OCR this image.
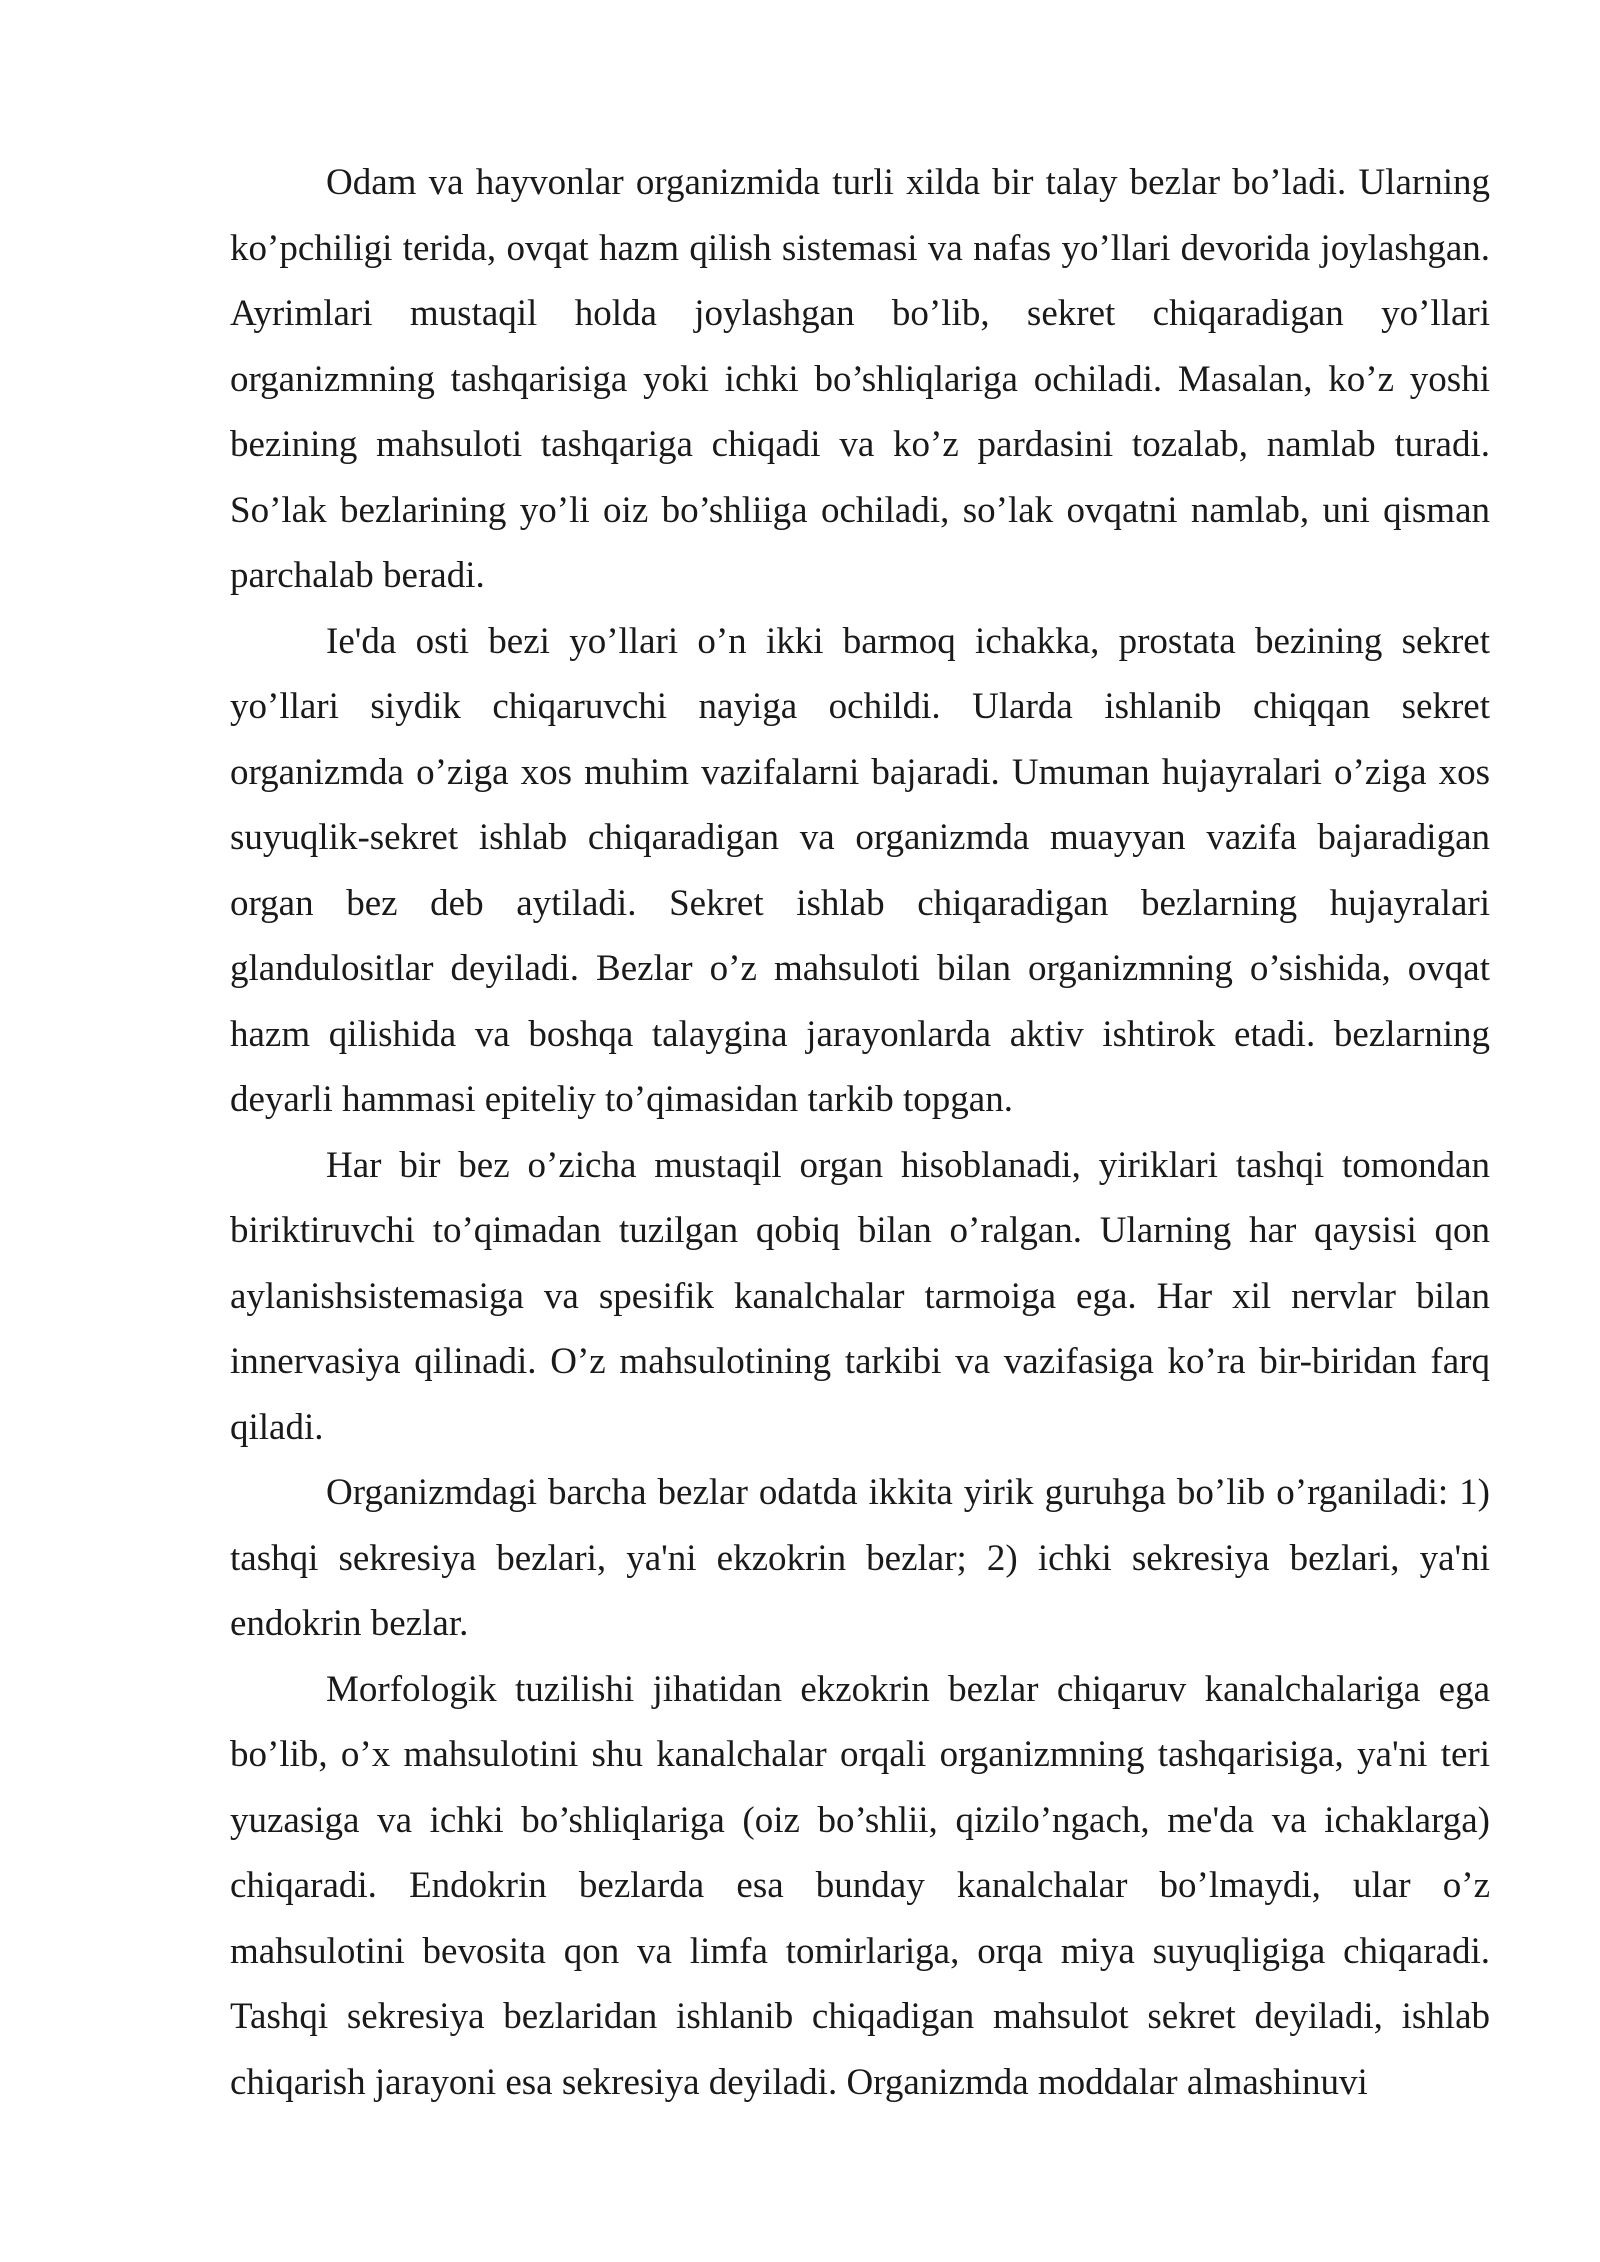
Odam va hayvonlar organizmida turli xilda bir talay bezlar bo’ladi. Ularning ko’pchiligi terida, ovqat hazm qilish sistemasi va nafas yo’llari devorida joylashgan. Ayrimlari mustaqil holda joylashgan bo’lib, sekret chiqaradigan yo’llari organizmning tashqarisiga yoki ichki bo’shliqlariga ochiladi. Masalan, ko’z yoshi bezining mahsuloti tashqariga chiqadi va ko’z pardasini tozalab, namlab turadi. So’lak bezlarining yo’li oiz bo’shliiga ochiladi, so’lak ovqatni namlab, uni qisman parchalab beradi.

Ie'da osti bezi yo’llari o’n ikki barmoq ichakka, prostata bezining sekret yo’llari siydik chiqaruvchi nayiga ochildi. Ularda ishlanib chiqqan sekret organizmda o’ziga xos muhim vazifalarni bajaradi. Umuman hujayralari o’ziga xos suyuqlik-sekret ishlab chiqaradigan va organizmda muayyan vazifa bajaradigan organ bez deb aytiladi. Sekret ishlab chiqaradigan bezlarning hujayralari glandulositlar deyiladi. Bezlar o’z mahsuloti bilan organizmning o’sishida, ovqat hazm qilishida va boshqa talaygina jarayonlarda aktiv ishtirok etadi. bezlarning deyarli hammasi epiteliy to’qimasidan tarkib topgan.

Har bir bez o’zicha mustaqil organ hisoblanadi, yiriklari tashqi tomondan biriktiruvchi to’qimadan tuzilgan qobiq bilan o’ralgan. Ularning har qaysisi qon aylanishsistemasiga va spesifik kanalchalar tarmoiga ega. Har xil nervlar bilan innervasiya qilinadi. O’z mahsulotining tarkibi va vazifasiga ko’ra bir-biridan farq qiladi.

Organizmdagi barcha bezlar odatda ikkita yirik guruhga bo’lib o’rganiladi: 1) tashqi sekresiya bezlari, ya'ni ekzokrin bezlar; 2) ichki sekresiya bezlari, ya'ni endokrin bezlar.

Morfologik tuzilishi jihatidan ekzokrin bezlar chiqaruv kanalchalariga ega bo’lib, o’x mahsulotini shu kanalchalar orqali organizmning tashqarisiga, ya'ni teri yuzasiga va ichki bo’shliqlariga (oiz bo’shlii, qizilo’ngach, me'da va ichaklarga) chiqaradi. Endokrin bezlarda esa bunday kanalchalar bo’lmaydi, ular o’z mahsulotini bevosita qon va limfa tomirlariga, orqa miya suyuqligiga chiqaradi. Tashqi sekresiya bezlaridan ishlanib chiqadigan mahsulot sekret deyiladi, ishlab chiqarish jarayoni esa sekresiya deyiladi. Organizmda moddalar almashinuvi
